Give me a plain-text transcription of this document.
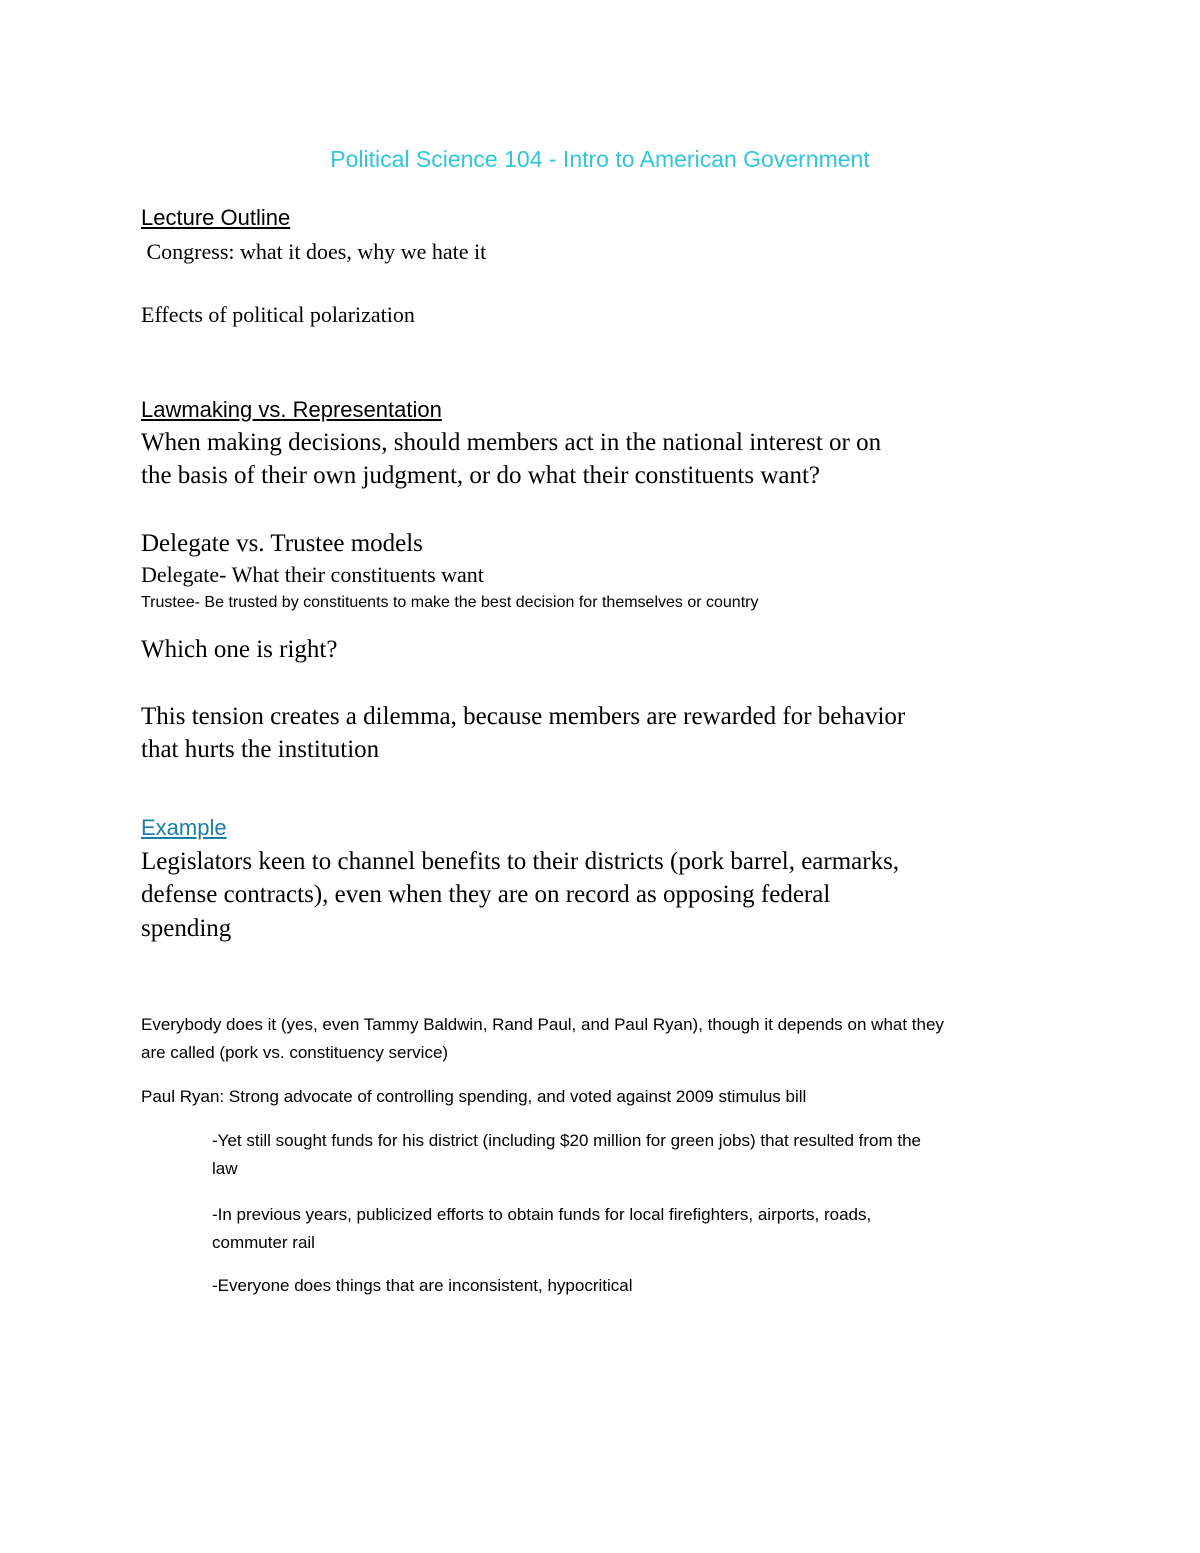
Political Science 104 - Intro to American Government

Lecture Outline

Congress: what it does, why we hate it

Effects of political polarization

Lawmaking vs. Representation

When making decisions, should members act in the national interest or on

the basis of their own judgment, or do what their constituents want?

Delegate vs. Trustee models

Delegate- What their constituents want

Trustee- Be trusted by constituents to make the best decision for themselves or country

Which one is right?

This tension creates a dilemma, because members are rewarded for behavior

that hurts the institution

Example

Legislators keen to channel benefits to their districts (pork barrel, earmarks,

defense contracts), even when they are on record as opposing federal

spending

Everybody does it (yes, even Tammy Baldwin, Rand Paul, and Paul Ryan), though it depends on what they

are called (pork vs. constituency service)

Paul Ryan: Strong advocate of controlling spending, and voted against 2009 stimulus bill

-Yet still sought funds for his district (including $20 million for green jobs) that resulted from the

law

-In previous years, publicized efforts to obtain funds for local firefighters, airports, roads,

commuter rail

-Everyone does things that are inconsistent, hypocritical
